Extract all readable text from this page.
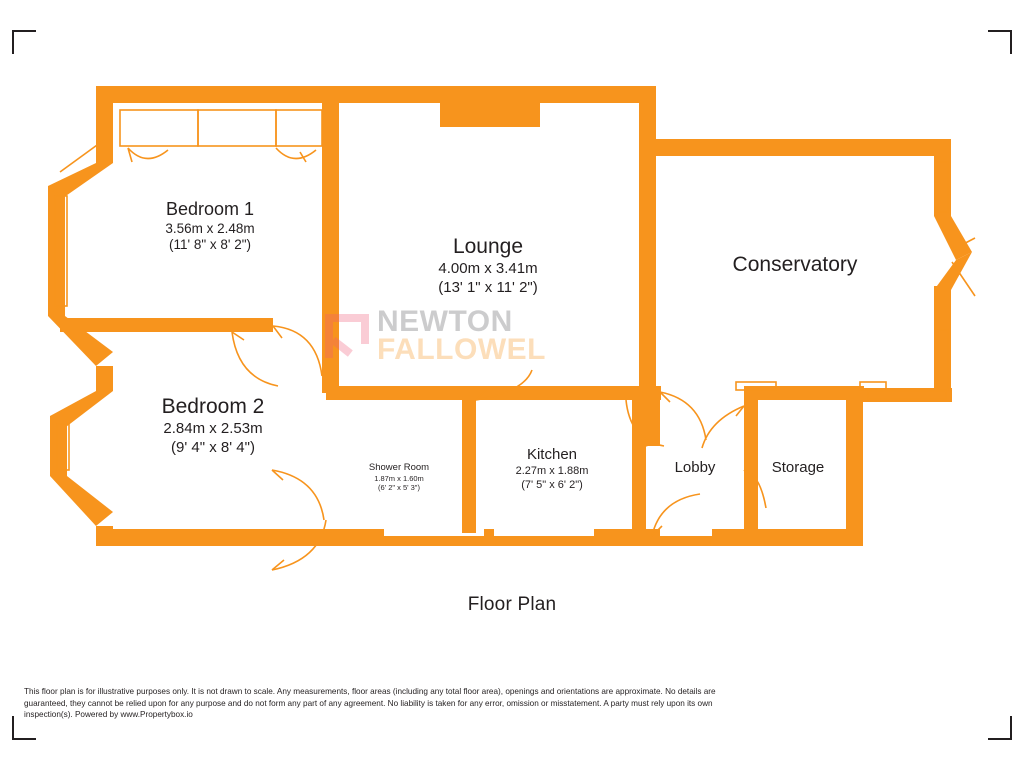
Bedroom 1
3.56m x 2.48m
(11' 8" x 8' 2")
Bedroom 2
2.84m x 2.53m
(9' 4" x 8' 4")
Lounge
4.00m x 3.41m
(13' 1" x 11' 2")
Conservatory
Shower Room
1.87m x 1.60m
(6' 2" x 5' 3")
Kitchen
2.27m x 1.88m
(7' 5" x 6' 2")
Lobby	Storage
NEWTON FALLOWEL
Floor Plan
This floor plan is for illustrative purposes only. It is not drawn to scale. Any measurements, floor areas (including any total floor area), openings and orientations are approximate. No details are guaranteed, they cannot be relied upon for any purpose and do not form any part of any agreement. No liability is taken for any error, omission or misstatement. A party must rely upon its own inspection(s). Powered by www.Propertybox.io
